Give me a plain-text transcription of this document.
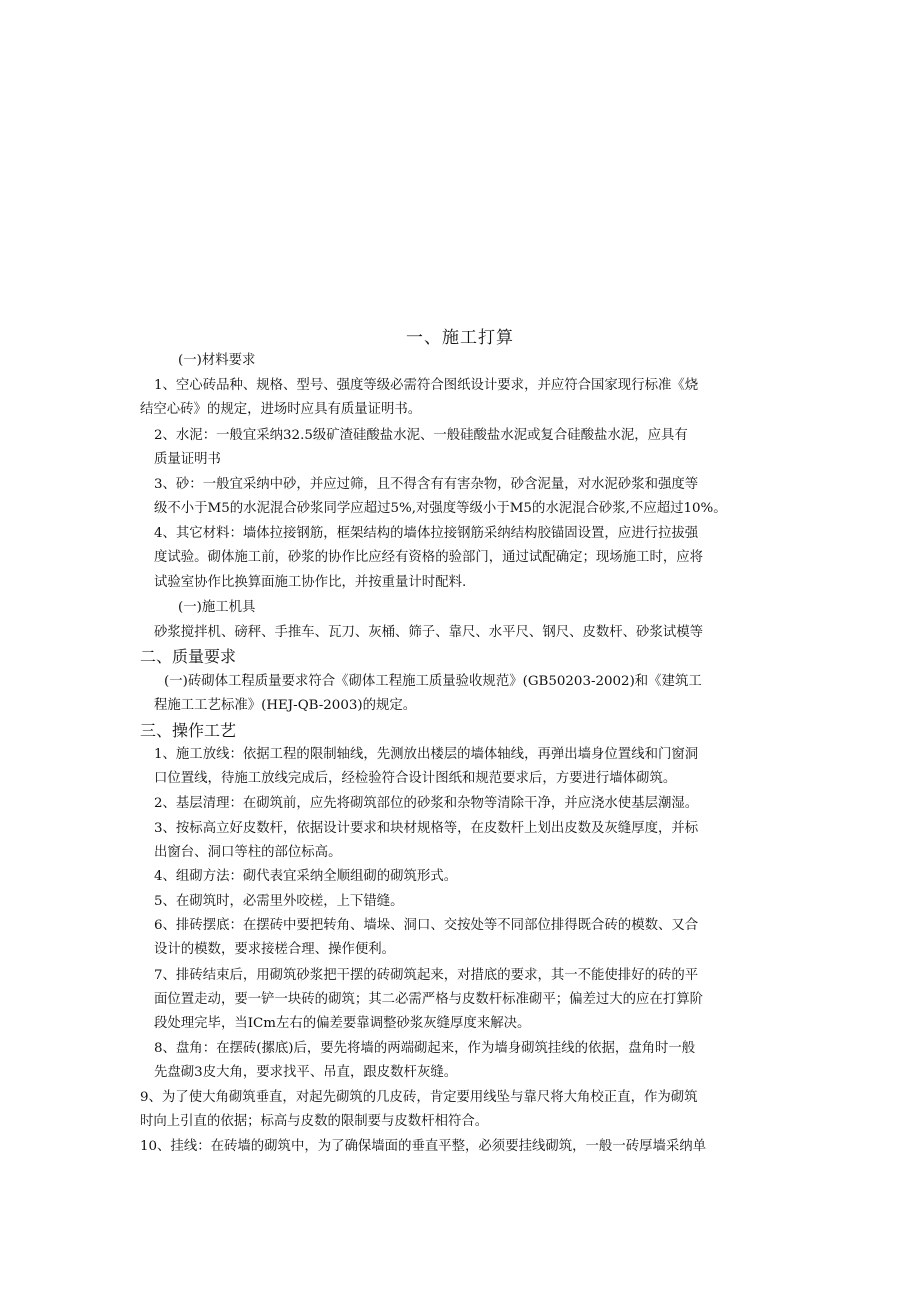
一、施工打算
(一)材料要求
1、空心砖品种、规格、型号、强度等级必需符合图纸设计要求，并应符合国家现行标准《烧
结空心砖》的规定，进场时应具有质量证明书。
2、水泥：一般宜采纳32.5级矿渣硅酸盐水泥、一般硅酸盐水泥或复合硅酸盐水泥，应具有
质量证明书
3、砂：一般宜采纳中砂，并应过筛，且不得含有有害杂物，砂含泥量，对水泥砂浆和强度等
级不小于M5的水泥混合砂浆同学应超过5%,对强度等级小于M5的水泥混合砂浆,不应超过10%。
4、其它材料：墙体拉接钢筋，框架结构的墙体拉接钢筋采纳结构胶锚固设置，应进行拉拔强
度试验。砌体施工前，砂浆的协作比应经有资格的验部门，通过试配确定；现场施工时，应将
试验室协作比换算面施工协作比，并按重量计时配料.
(一)施工机具
砂浆搅拌机、磅秤、手推车、瓦刀、灰桶、筛子、靠尺、水平尺、钢尺、皮数杆、砂浆试模等
二、质量要求
(一)砖砌体工程质量要求符合《砌体工程施工质量验收规范》(GB50203-2002)和《建筑工
程施工工艺标准》(HEJ-QB-2003)的规定。
三、操作工艺
1、施工放线：依据工程的限制轴线，先测放出楼层的墙体轴线，再弹出墙身位置线和门窗洞
口位置线，待施工放线完成后，经检验符合设计图纸和规范要求后，方要进行墙体砌筑。
2、基层清理：在砌筑前，应先将砌筑部位的砂浆和杂物等清除干净，并应浇水使基层潮湿。
3、按标高立好皮数杆，依据设计要求和块材规格等，在皮数杆上划出皮数及灰缝厚度，并标
出窗台、洞口等柱的部位标高。
4、组砌方法：砌代表宜采纳全顺组砌的砌筑形式。
5、在砌筑时，必需里外咬槎，上下错缝。
6、排砖摆底：在摆砖中要把转角、墙垛、洞口、交按处等不同部位排得既合砖的模数、又合
设计的模数，要求接槎合理、操作便利。
7、排砖结束后，用砌筑砂浆把干摆的砖砌筑起来，对措底的要求，其一不能使排好的砖的平
面位置走动，要一铲一块砖的砌筑；其二必需严格与皮数杆标准砌平；偏差过大的应在打算阶
段处理完毕，当ICm左右的偏差要靠调整砂浆灰缝厚度来解决。
8、盘角：在摆砖(摞底)后，要先将墙的两端砌起来，作为墙身砌筑挂线的依据，盘角时一般
先盘砌3皮大角，要求找平、吊直，跟皮数杆灰缝。
9、为了使大角砌筑垂直，对起先砌筑的几皮砖，肯定要用线坠与靠尺将大角校正直，作为砌筑
时向上引直的依据；标高与皮数的限制要与皮数杆相符合。
10、挂线：在砖墙的砌筑中，为了确保墙面的垂直平整，必须要挂线砌筑，一般一砖厚墙采纳单
